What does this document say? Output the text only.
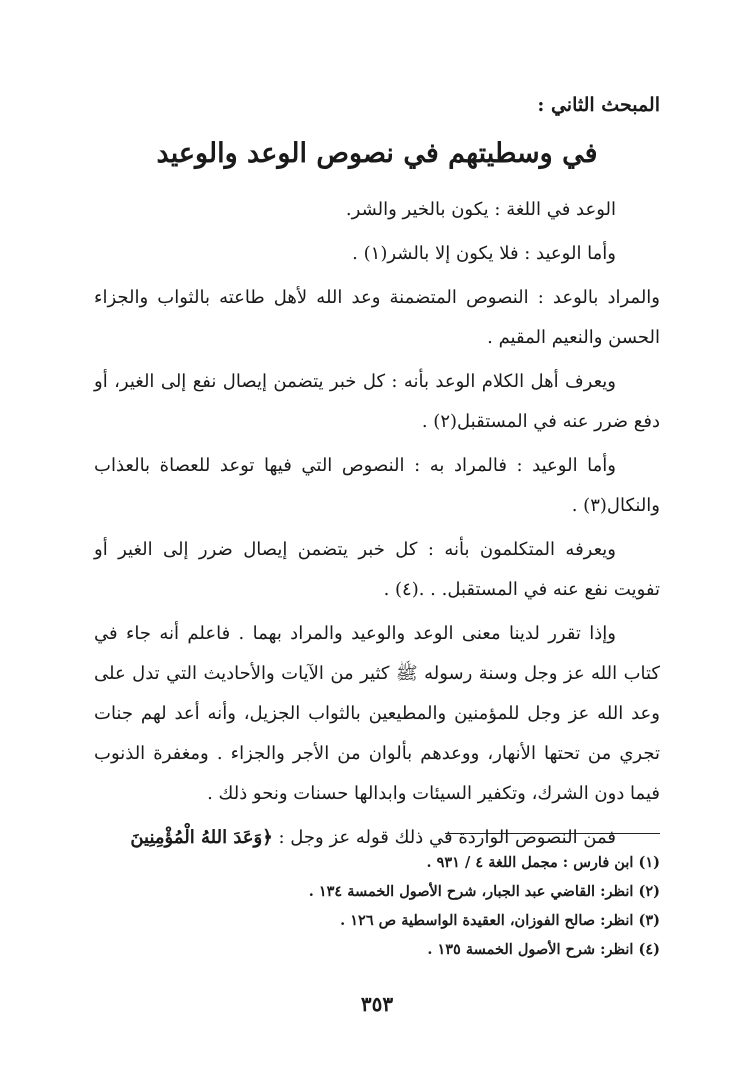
المبحث الثاني :
في وسطيتهم في نصوص الوعد والوعيد

الوعد في اللغة : يكون بالخير والشر.

وأما الوعيد : فلا يكون إلا بالشر(١) .

والمراد بالوعد : النصوص المتضمنة وعد الله لأهل طاعته بالثواب والجزاء الحسن والنعيم المقيم .

ويعرف أهل الكلام الوعد بأنه : كل خبر يتضمن إيصال نفع إلى الغير، أو دفع ضرر عنه في المستقبل(٢) .

وأما الوعيد : فالمراد به : النصوص التي فيها توعد للعصاة بالعذاب والنكال(٣) .

ويعرفه المتكلمون بأنه : كل خبر يتضمن إيصال ضرر إلى الغير أو تفويت نفع عنه في المستقبل. . .(٤) .

وإذا تقرر لدينا معنى الوعد والوعيد والمراد بهما . فاعلم أنه جاء في كتاب الله عز وجل وسنة رسوله ﷺ كثير من الآيات والأحاديث التي تدل على وعد الله عز وجل للمؤمنين والمطيعين بالثواب الجزيل، وأنه أعد لهم جنات تجري من تحتها الأنهار، ووعدهم بألوان من الأجر والجزاء . ومغفرة الذنوب فيما دون الشرك، وتكفير السيئات وابدالها حسنات ونحو ذلك .

فمن النصوص الواردة في ذلك قوله عز وجل : ﴿وَعَدَ اللهُ الْمُؤْمِنِينَ

(١) ابن فارس : مجمل اللغة ٤ / ٩٣١ .
(٢) انظر: القاضي عبد الجبار، شرح الأصول الخمسة ١٣٤ .
(٣) انظر: صالح الفوزان، العقيدة الواسطية ص ١٢٦ .
(٤) انظر: شرح الأصول الخمسة ١٣٥ .
٣٥٣
